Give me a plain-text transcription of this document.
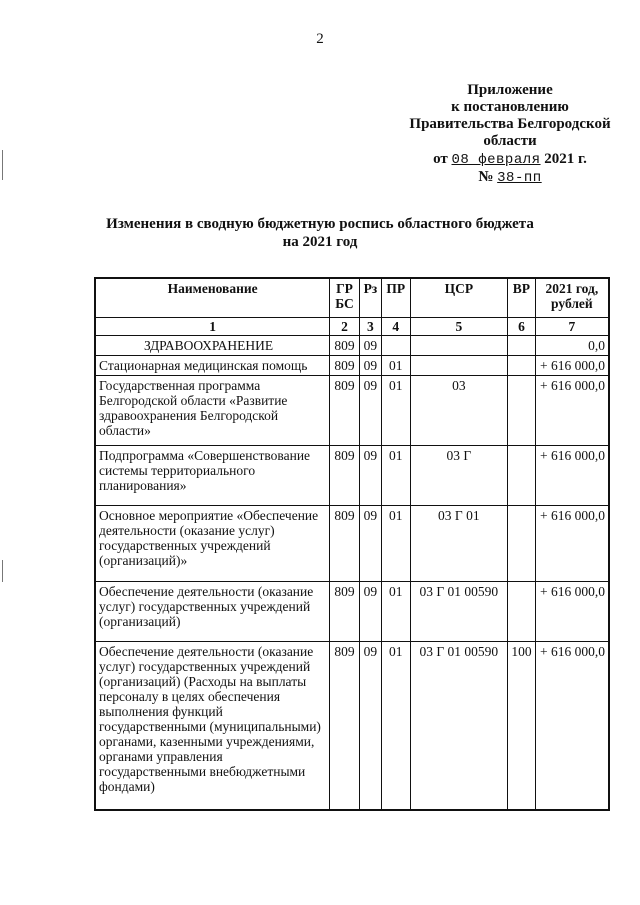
2
Приложение
к постановлению
Правительства Белгородской
области
от 08 февраля 2021 г.
№ 38-пп
Изменения в сводную бюджетную роспись областного бюджета
на 2021 год
Наименование	ГР БС	Рз	ПР	ЦСР	ВР	2021 год, рублей
1	2	3	4	5	6	7
ЗДРАВООХРАНЕНИЕ	809	09				0,0
Стационарная медицинская помощь	809	09	01			+ 616 000,0
Государственная программа Белгородской области «Развитие здравоохранения Белгородской области»	809	09	01	03		+ 616 000,0
Подпрограмма «Совершенствование системы территориального планирования»	809	09	01	03 Г		+ 616 000,0
Основное мероприятие «Обеспечение деятельности (оказание услуг) государственных учреждений (организаций)»	809	09	01	03 Г 01		+ 616 000,0
Обеспечение деятельности (оказание услуг) государственных учреждений (организаций)	809	09	01	03 Г 01 00590		+ 616 000,0
Обеспечение деятельности (оказание услуг) государственных учреждений (организаций) (Расходы на выплаты персоналу в целях обеспечения выполнения функций государственными (муниципальными) органами, казенными учреждениями, органами управления государственными внебюджетными фондами)	809	09	01	03 Г 01 00590	100	+ 616 000,0
